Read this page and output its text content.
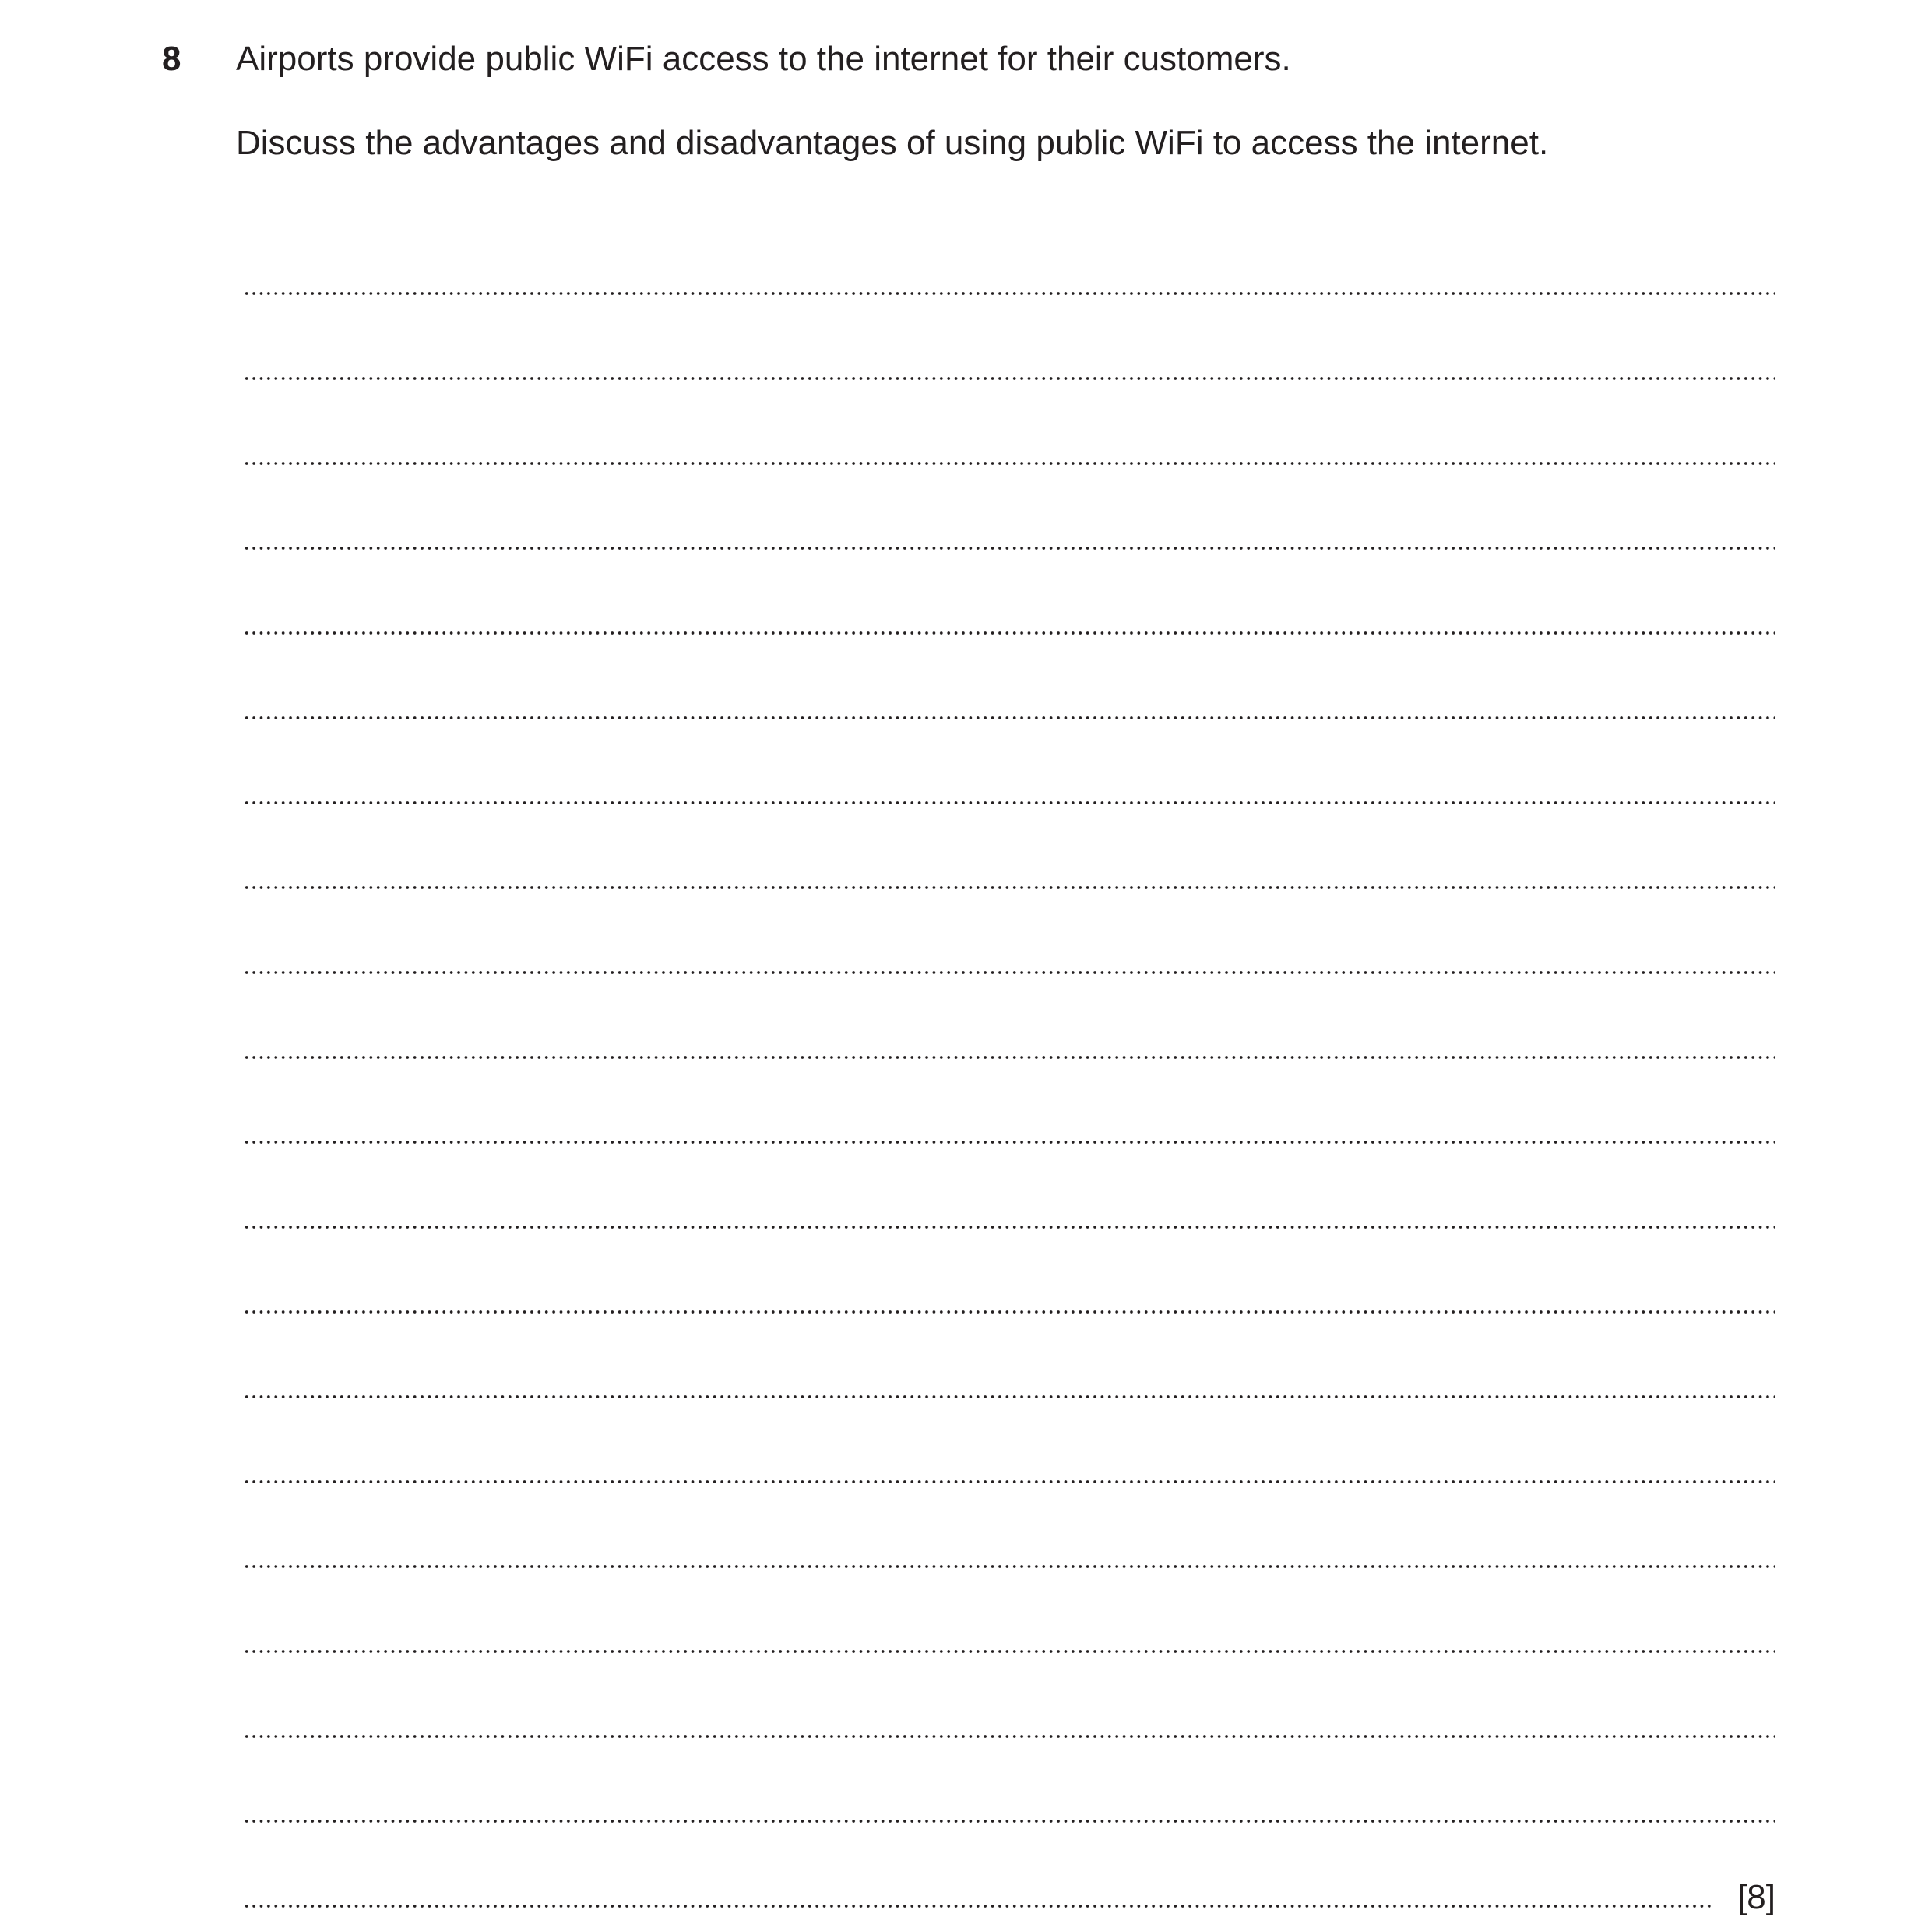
8 Airports provide public WiFi access to the internet for their customers.
Discuss the advantages and disadvantages of using public WiFi to access the internet.
[8]
